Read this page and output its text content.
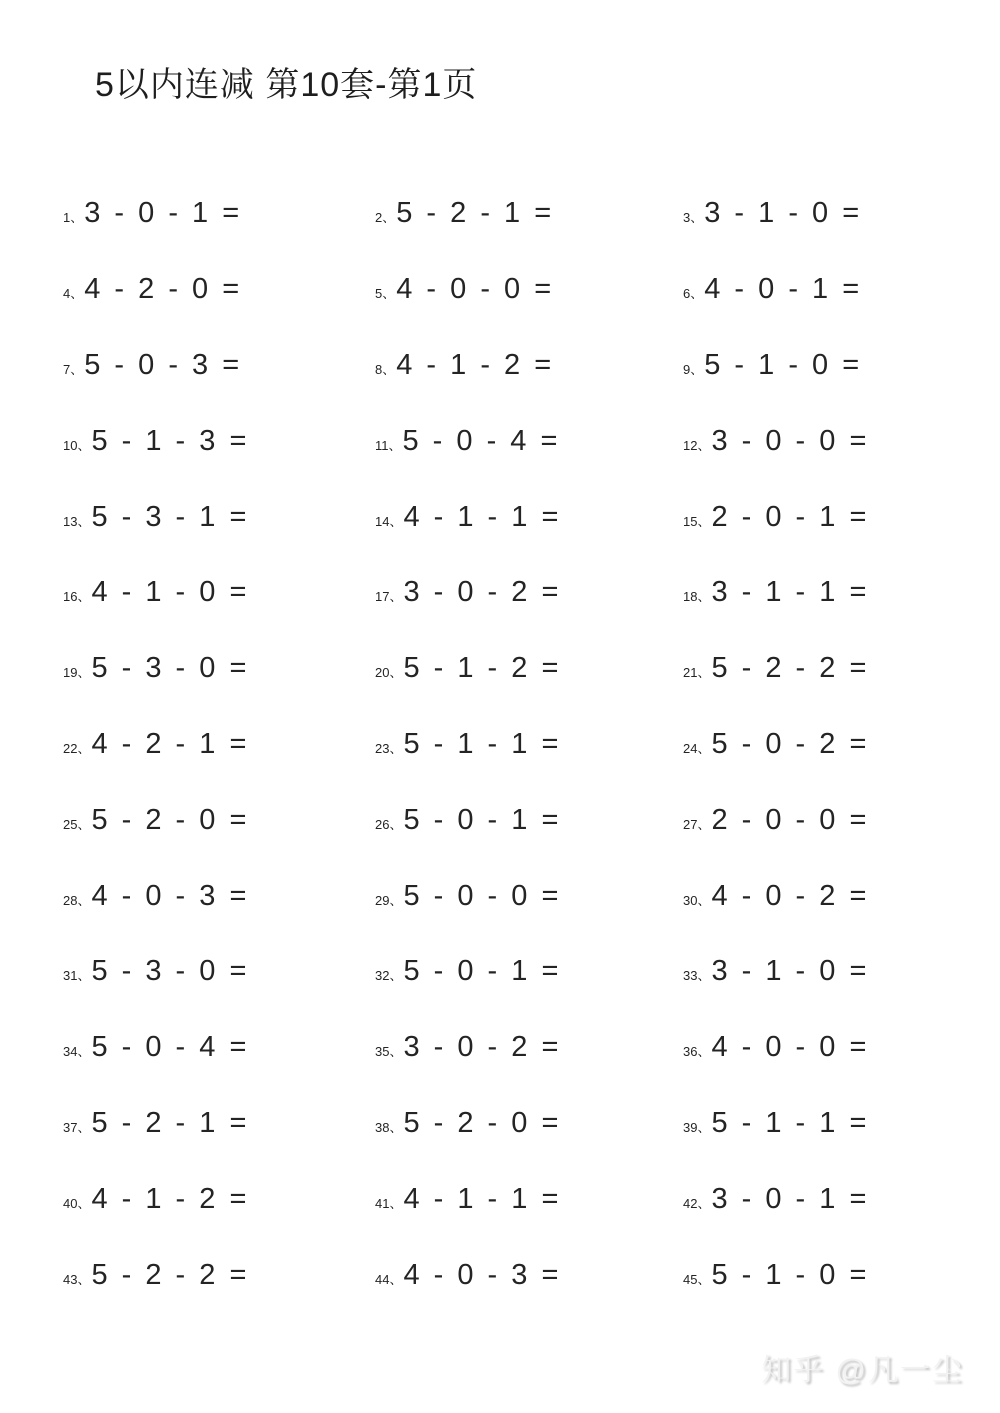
5以内连减 第10套-第1页
1、 3 - 0 - 1 =	2、 5 - 2 - 1 =	3、 3 - 1 - 0 =
4、 4 - 2 - 0 =	5、 4 - 0 - 0 =	6、 4 - 0 - 1 =
7、 5 - 0 - 3 =	8、 4 - 1 - 2 =	9、 5 - 1 - 0 =
10、 5 - 1 - 3 =	11、 5 - 0 - 4 =	12、 3 - 0 - 0 =
13、 5 - 3 - 1 =	14、 4 - 1 - 1 =	15、 2 - 0 - 1 =
16、 4 - 1 - 0 =	17、 3 - 0 - 2 =	18、 3 - 1 - 1 =
19、 5 - 3 - 0 =	20、 5 - 1 - 2 =	21、 5 - 2 - 2 =
22、 4 - 2 - 1 =	23、 5 - 1 - 1 =	24、 5 - 0 - 2 =
25、 5 - 2 - 0 =	26、 5 - 0 - 1 =	27、 2 - 0 - 0 =
28、 4 - 0 - 3 =	29、 5 - 0 - 0 =	30、 4 - 0 - 2 =
31、 5 - 3 - 0 =	32、 5 - 0 - 1 =	33、 3 - 1 - 0 =
34、 5 - 0 - 4 =	35、 3 - 0 - 2 =	36、 4 - 0 - 0 =
37、 5 - 2 - 1 =	38、 5 - 2 - 0 =	39、 5 - 1 - 1 =
40、 4 - 1 - 2 =	41、 4 - 1 - 1 =	42、 3 - 0 - 1 =
43、 5 - 2 - 2 =	44、 4 - 0 - 3 =	45、 5 - 1 - 0 =
知乎 @凡一尘
